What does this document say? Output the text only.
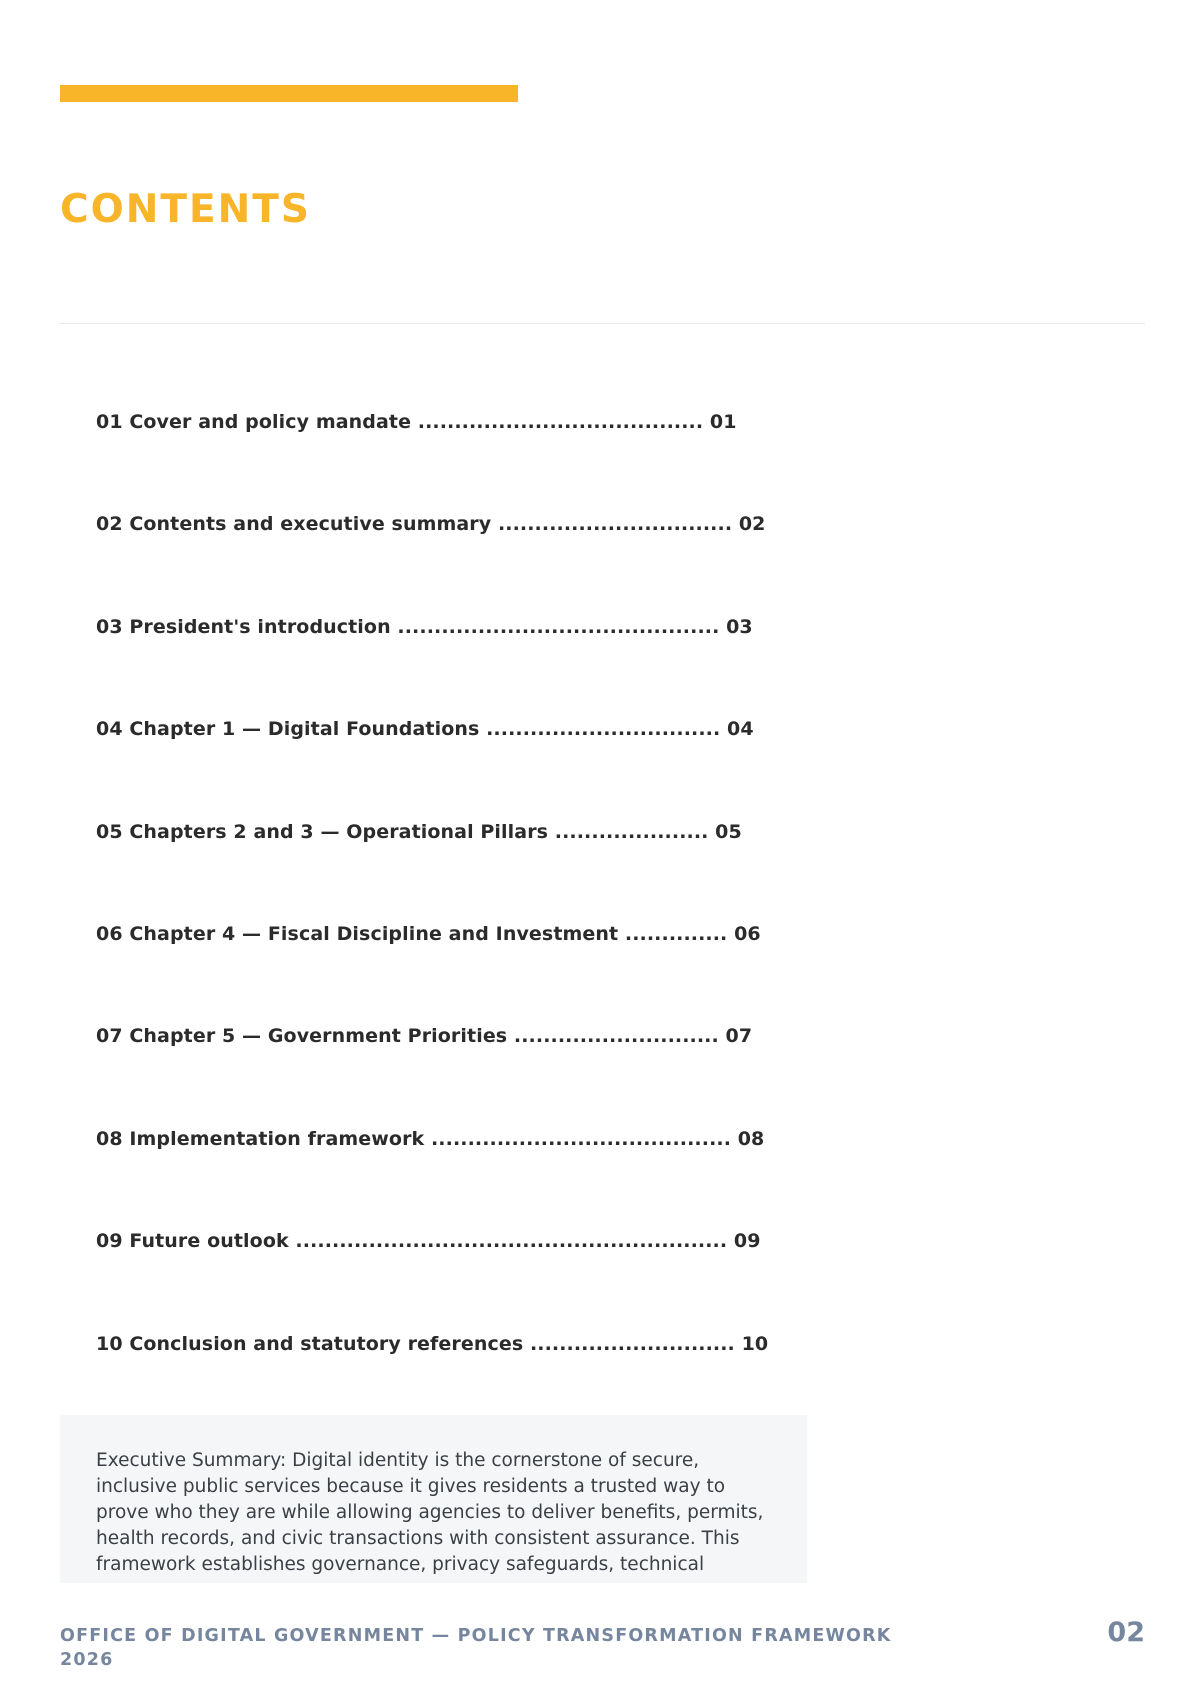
CONTENTS
01 Cover and policy mandate ....................................... 01
02 Contents and executive summary ................................ 02
03 President's introduction ............................................ 03
04 Chapter 1 — Digital Foundations ................................ 04
05 Chapters 2 and 3 — Operational Pillars ..................... 05
06 Chapter 4 — Fiscal Discipline and Investment .............. 06
07 Chapter 5 — Government Priorities ............................ 07
08 Implementation framework ......................................... 08
09 Future outlook ........................................................... 09
10 Conclusion and statutory references ............................ 10

Executive Summary: Digital identity is the cornerstone of secure, inclusive public services because it gives residents a trusted way to prove who they are while allowing agencies to deliver benefits, permits, health records, and civic transactions with consistent assurance. This framework establishes governance, privacy safeguards, technical

OFFICE OF DIGITAL GOVERNMENT — POLICY TRANSFORMATION FRAMEWORK 2026

02
